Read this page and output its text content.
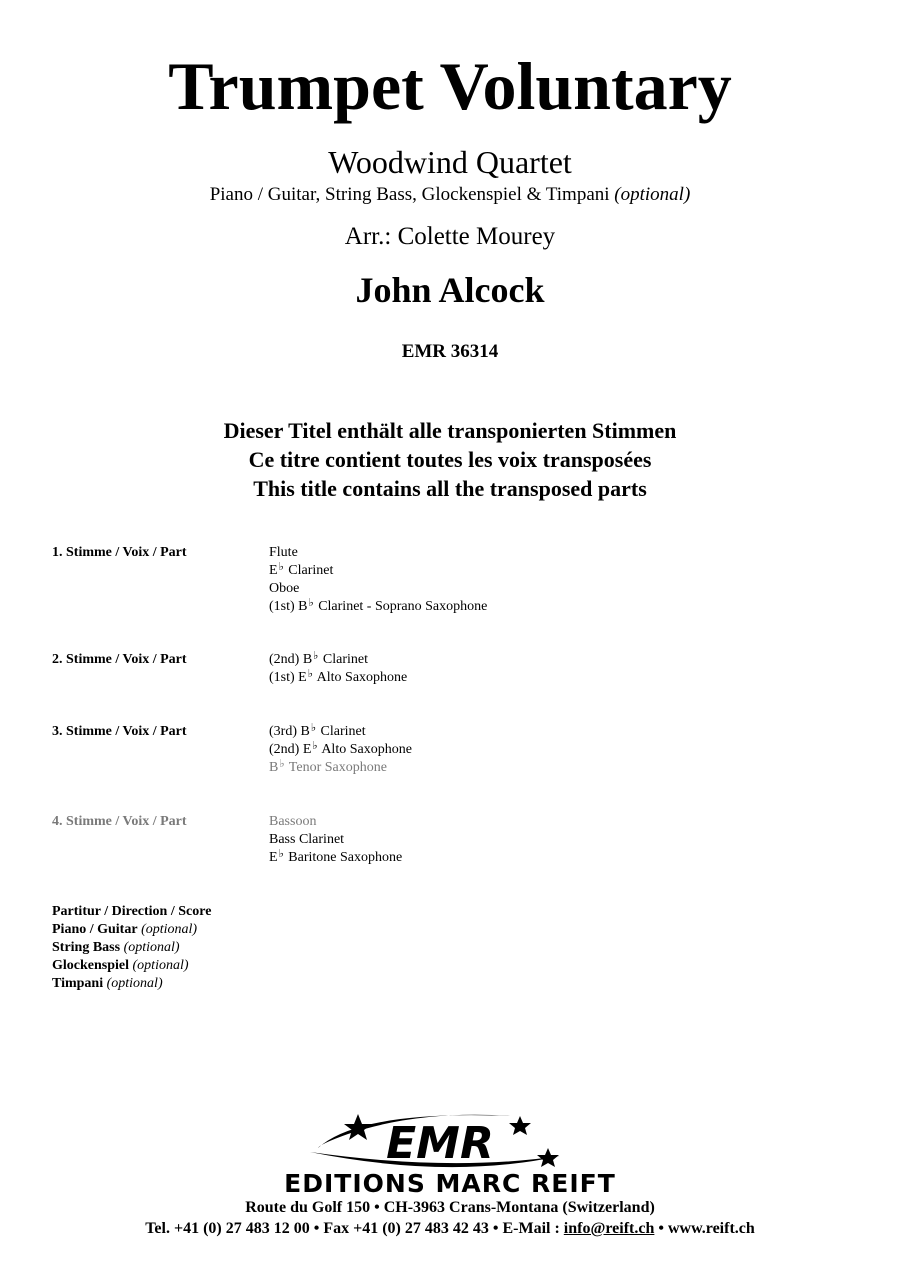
Trumpet Voluntary
Woodwind Quartet
Piano / Guitar, String Bass, Glockenspiel & Timpani (optional)
Arr.: Colette Mourey
John Alcock
EMR 36314
Dieser Titel enthält alle transponierten Stimmen
Ce titre contient toutes les voix transposées
This title contains all the transposed parts
1. Stimme / Voix / Part	Flute
E♭ Clarinet
Oboe
(1st) B♭ Clarinet - Soprano Saxophone
2. Stimme / Voix / Part	(2nd) B♭ Clarinet
(1st) E♭ Alto Saxophone
3. Stimme / Voix / Part	(3rd) B♭ Clarinet
(2nd) E♭ Alto Saxophone
B♭ Tenor Saxophone
4. Stimme / Voix / Part	Bassoon
Bass Clarinet
E♭ Baritone Saxophone
Partitur / Direction / Score
Piano / Guitar (optional)
String Bass (optional)
Glockenspiel (optional)
Timpani (optional)
EMR
EDITIONS MARC REIFT
Route du Golf 150 • CH-3963 Crans-Montana (Switzerland)
Tel. +41 (0) 27 483 12 00 • Fax +41 (0) 27 483 42 43 • E-Mail : info@reift.ch • www.reift.ch
